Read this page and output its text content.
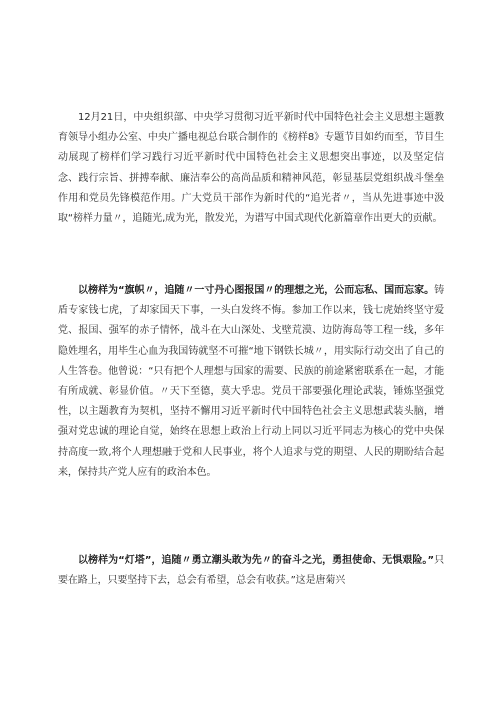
12月21日，中央组织部、中央学习贯彻习近平新时代中国特色社会主义思想主题教育领导小组办公室、中央广播电视总台联合制作的《榜样8》专题节目如约而至，节目生动展现了榜样们学习践行习近平新时代中国特色社会主义思想突出事迹，以及坚定信念、践行宗旨、拼搏奉献、廉洁奉公的高尚品质和精神风范，彰显基层党组织战斗堡垒作用和党员先锋模范作用。广大党员干部作为新时代的“追光者〃，当从先进事迹中汲取“榜样力量〃，追随光,成为光，散发光，为谱写中国式现代化新篇章作出更大的贡献。

以榜样为“旗帜〃，追随〃一寸丹心图报国〃的理想之光，公而忘私、国而忘家。铸盾专家钱七虎，了却家国天下事，一头白发终不悔。参加工作以来，钱七虎始终坚守爱党、报国、强军的赤子情怀，战斗在大山深处、戈壁荒漠、边防海岛等工程一线，多年隐姓埋名，用毕生心血为我国铸就坚不可摧“地下钢铁长城〃，用实际行动交出了自己的人生答卷。他曾说：“只有把个人理想与国家的需要、民族的前途紧密联系在一起，才能有所成就、彰显价值。〃天下至德，莫大乎忠。党员干部要强化理论武装，锤炼坚强党性，以主题教育为契机，坚持不懈用习近平新时代中国特色社会主义思想武装头脑，增强对党忠诚的理论自觉，始终在思想上政治上行动上同以习近平同志为核心的党中央保持高度一致,将个人理想融于党和人民事业，将个人追求与党的期望、人民的期盼结合起来，保持共产党人应有的政治本色。

以榜样为“灯塔”，追随〃勇立潮头敢为先〃的奋斗之光，勇担使命、无惧艰险。”只要在路上，只要坚持下去，总会有希望，总会有收获。”这是唐菊兴
